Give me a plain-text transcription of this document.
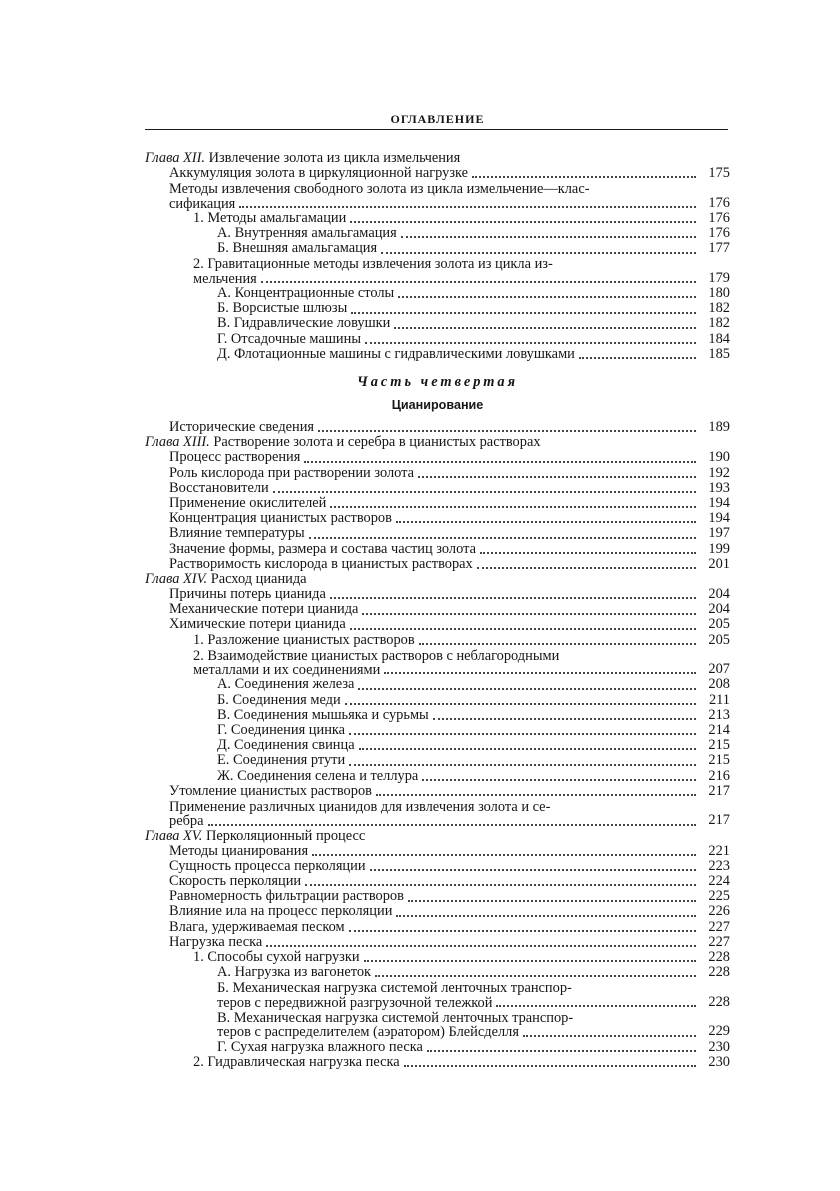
ОГЛАВЛЕНИЕ
Глава XII. Извлечение золота из цикла измельчения
Аккумуляция золота в циркуляционной нагрузке	175
Методы извлечения свободного золота из цикла измельчение—клас-
сификация	176
1. Методы амальгамации	176
А. Внутренняя амальгамация	176
Б. Внешняя амальгамация	177
2. Гравитационные методы извлечения золота из цикла из-
мельчения	179
А. Концентрационные столы	180
Б. Ворсистые шлюзы	182
В. Гидравлические ловушки	182
Г. Отсадочные машины	184
Д. Флотационные машины с гидравлическими ловушками	185
Часть четвертая
Цианирование
Исторические сведения	189
Глава XIII. Растворение золота и серебра в цианистых растворах
Процесс растворения	190
Роль кислорода при растворении золота	192
Восстановители	193
Применение окислителей	194
Концентрация цианистых растворов	194
Влияние температуры	197
Значение формы, размера и состава частиц золота	199
Растворимость кислорода в цианистых растворах	201
Глава XIV. Расход цианида
Причины потерь цианида	204
Механические потери цианида	204
Химические потери цианида	205
1. Разложение цианистых растворов	205
2. Взаимодействие цианистых растворов с неблагородными
металлами и их соединениями	207
А. Соединения железа	208
Б. Соединения меди	211
В. Соединения мышьяка и сурьмы	213
Г. Соединения цинка	214
Д. Соединения свинца	215
Е. Соединения ртути	215
Ж. Соединения селена и теллура	216
Утомление цианистых растворов	217
Применение различных цианидов для извлечения золота и се-
ребра	217
Глава XV. Перколяционный процесс
Методы цианирования	221
Сущность процесса перколяции	223
Скорость перколяции	224
Равномерность фильтрации растворов	225
Влияние ила на процесс перколяции	226
Влага, удерживаемая песком	227
Нагрузка песка	227
1. Способы сухой нагрузки	228
А. Нагрузка из вагонеток	228
Б. Механическая нагрузка системой ленточных транспор-
теров с передвижной разгрузочной тележкой	228
В. Механическая нагрузка системой ленточных транспор-
теров с распределителем (аэратором) Блейсделля	229
Г. Сухая нагрузка влажного песка	230
2. Гидравлическая нагрузка песка	230
